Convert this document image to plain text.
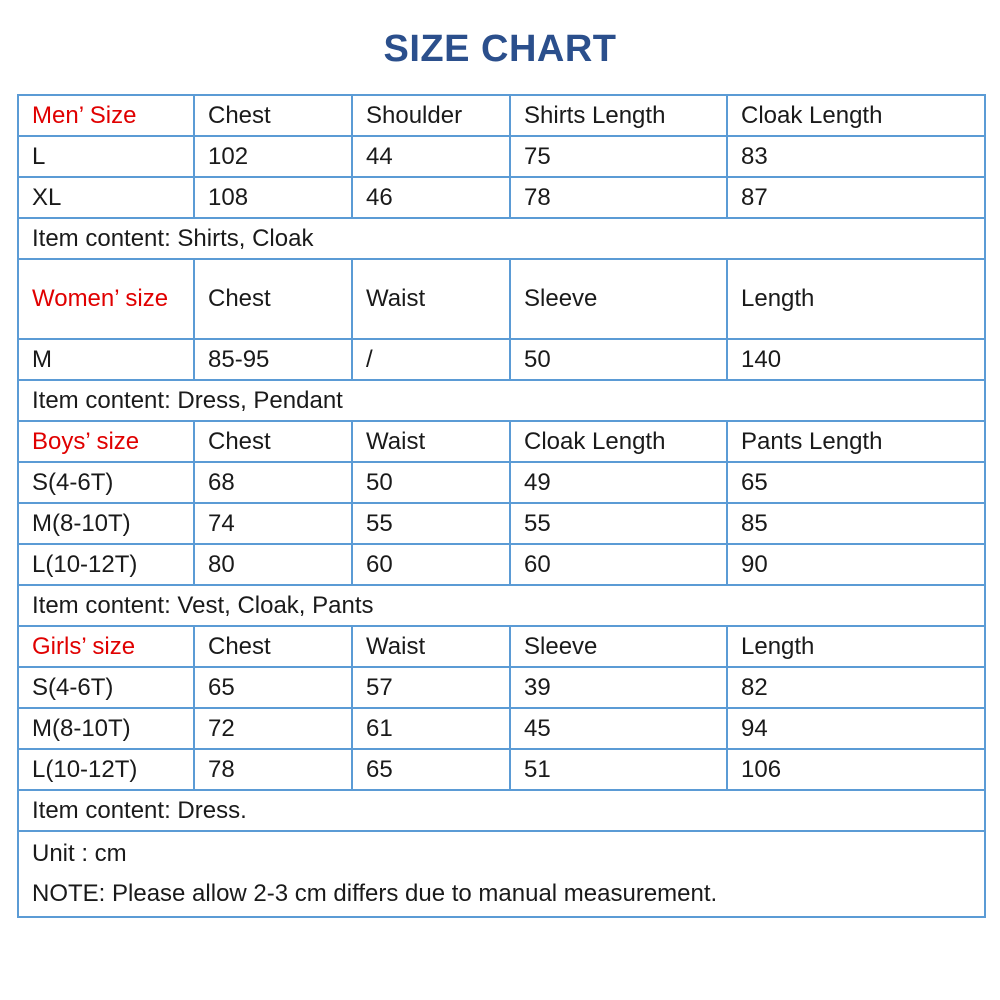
SIZE CHART
Men’ Size	Chest	Shoulder	Shirts Length	Cloak Length
L	102	44	75	83
XL	108	46	78	87
Item content: Shirts, Cloak				
Women’ size	Chest	Waist	Sleeve	Length
M	85-95	/	50	140
Item content: Dress, Pendant				
Boys’ size	Chest	Waist	Cloak Length	Pants Length
S(4-6T)	68	50	49	65
M(8-10T)	74	55	55	85
L(10-12T)	80	60	60	90
Item content: Vest, Cloak, Pants				
Girls’ size	Chest	Waist	Sleeve	Length
S(4-6T)	65	57	39	82
M(8-10T)	72	61	45	94
L(10-12T)	78	65	51	106
Item content: Dress.				

Unit : cm
NOTE: Please allow 2-3 cm differs due to manual measurement.				
